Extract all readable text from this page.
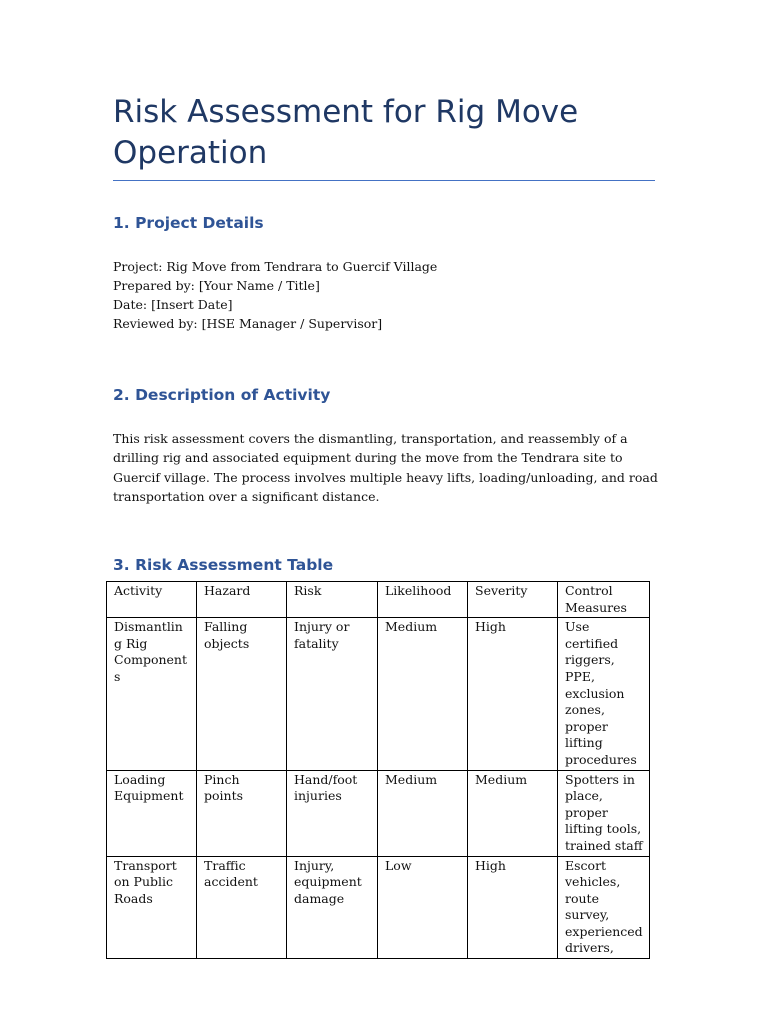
Risk Assessment for Rig Move Operation
1. Project Details
Project: Rig Move from Tendrara to Guercif Village
Prepared by: [Your Name / Title]
Date: [Insert Date]
Reviewed by: [HSE Manager / Supervisor]
2. Description of Activity

This risk assessment covers the dismantling, transportation, and reassembly of a drilling rig and associated equipment during the move from the Tendrara site to Guercif village. The process involves multiple heavy lifts, loading/unloading, and road transportation over a significant distance.

3. Risk Assessment Table
Activity	Hazard	Risk	Likelihood	Severity	Control Measures
Dismantling Rig Components	Falling objects	Injury or fatality	Medium	High	Use certified riggers, PPE, exclusion zones, proper lifting procedures
Loading Equipment	Pinch points	Hand/foot injuries	Medium	Medium	Spotters in place, proper lifting tools, trained staff
Transport on Public Roads	Traffic accident	Injury, equipment damage	Low	High	Escort vehicles, route survey, experienced drivers,
